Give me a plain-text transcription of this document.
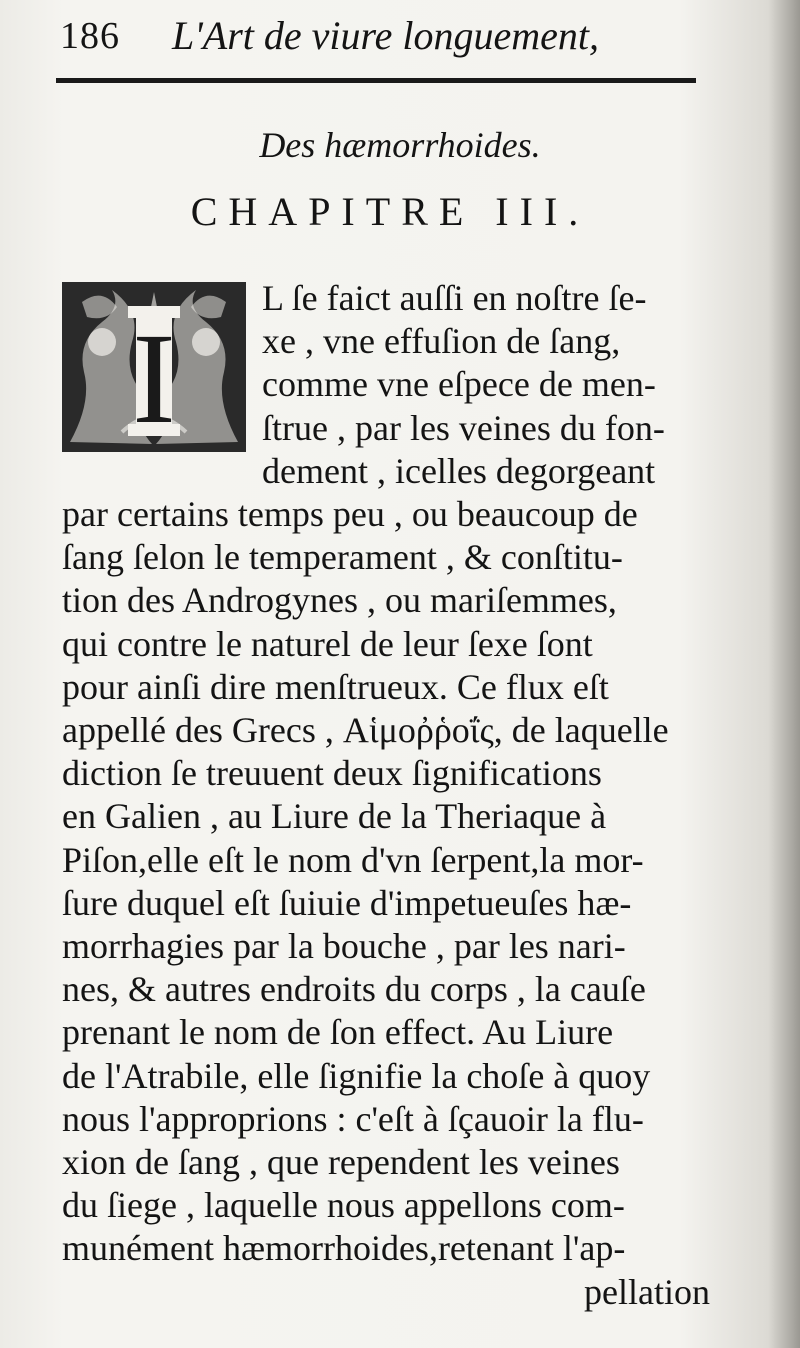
186 L'Art de viure longuement,
Des hæmorrhoides.
CHAPITRE III.
I
L ſe faict auſſi en noſtre ſe-
xe , vne effuſion de ſang,
comme vne eſpece de men-
ſtrue , par les veines du fon-
dement , icelles degorgeant
par certains temps peu , ou beaucoup de
ſang ſelon le temperament , & conſtitu-
tion des Androgynes , ou mariſemmes,
qui contre le naturel de leur ſexe ſont
pour ainſi dire menſtrueux. Ce flux eſt
appellé des Grecs , Αἱμοῤῥοΐς, de laquelle
diction ſe treuuent deux ſignifications
en Galien , au Liure de la Theriaque à
Piſon,elle eſt le nom d'vn ſerpent,la mor-
ſure duquel eſt ſuiuie d'impetueuſes hæ-
morrhagies par la bouche , par les nari-
nes, & autres endroits du corps , la cauſe
prenant le nom de ſon effect. Au Liure
de l'Atrabile, elle ſignifie la choſe à quoy
nous l'approprions : c'eſt à ſçauoir la flu-
xion de ſang , que rependent les veines
du ſiege , laquelle nous appellons com-
munément hæmorrhoides,retenant l'ap-
pellation
